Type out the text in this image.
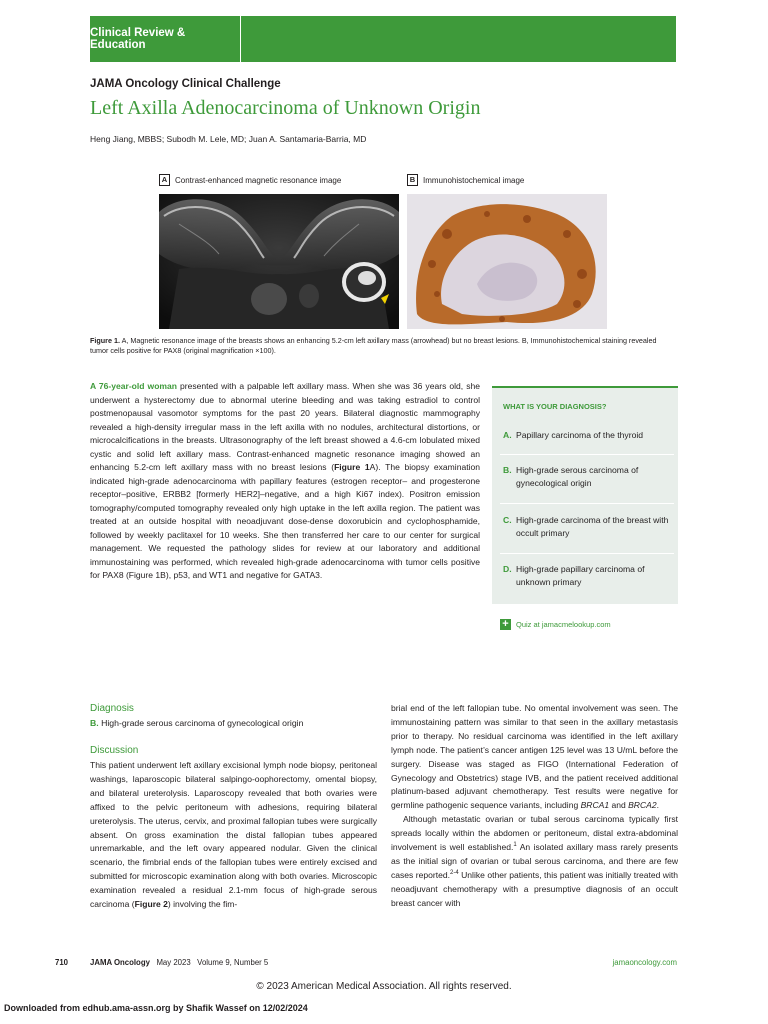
Clinical Review & Education
JAMA Oncology Clinical Challenge
Left Axilla Adenocarcinoma of Unknown Origin
Heng Jiang, MBBS; Subodh M. Lele, MD; Juan A. Santamaria-Barria, MD
A Contrast-enhanced magnetic resonance image	B Immunohistochemical image
Figure 1. A, Magnetic resonance image of the breasts shows an enhancing 5.2-cm left axillary mass (arrowhead) but no breast lesions. B, Immunohistochemical staining revealed tumor cells positive for PAX8 (original magnification ×100).
A 76-year-old woman presented with a palpable left axillary mass. When she was 36 years old, she underwent a hysterectomy due to abnormal uterine bleeding and was taking estradiol to control postmenopausal vasomotor symptoms for the past 20 years. Bilateral diagnostic mammography revealed a high-density irregular mass in the left axilla with no nodules, architectural distortions, or microcalcifications in the breasts. Ultrasonography of the left breast showed a 4.6-cm lobulated mixed cystic and solid left axillary mass. Contrast-enhanced magnetic resonance imaging showed an enhancing 5.2-cm left axillary mass with no breast lesions (Figure 1A). The biopsy examination indicated high-grade adenocarcinoma with papillary features (estrogen receptor– and progesterone receptor–positive, ERBB2 [formerly HER2]–negative, and a high Ki67 index). Positron emission tomography/computed tomography revealed only high uptake in the left axilla region. The patient was treated at an outside hospital with neoadjuvant dose-dense doxorubicin and cyclophosphamide, followed by weekly paclitaxel for 10 weeks. She then transferred her care to our center for surgical management. We requested the pathology slides for review at our laboratory and additional immunostaining was performed, which revealed high-grade adenocarcinoma with tumor cells positive for PAX8 (Figure 1B), p53, and WT1 and negative for GATA3.
WHAT IS YOUR DIAGNOSIS?
A. Papillary carcinoma of the thyroid
B. High-grade serous carcinoma of gynecological origin
C. High-grade carcinoma of the breast with occult primary
D. High-grade papillary carcinoma of unknown primary
+ Quiz at jamacmelookup.com
Diagnosis

B. High-grade serous carcinoma of gynecological origin

Discussion

This patient underwent left axillary excisional lymph node biopsy, peritoneal washings, laparoscopic bilateral salpingo-oophorectomy, omental biopsy, and bilateral ureterolysis. Laparoscopy revealed that both ovaries were affixed to the pelvic peritoneum with adhesions, requiring bilateral ureterolysis. The uterus, cervix, and proximal fallopian tubes were surgically absent. On gross examination the distal fallopian tubes appeared unremarkable, and the left ovary appeared nodular. Given the clinical scenario, the fimbrial ends of the fallopian tubes were entirely excised and submitted for microscopic examination along with both ovaries. Microscopic examination revealed a residual 2.1-mm focus of high-grade serous carcinoma (Figure 2) involving the fim-

brial end of the left fallopian tube. No omental involvement was seen. The immunostaining pattern was similar to that seen in the axillary metastasis prior to therapy. No residual carcinoma was identified in the left axillary lymph node. The patient’s cancer antigen 125 level was 13 U/mL before the surgery. Disease was staged as FIGO (International Federation of Gynecology and Obstetrics) stage IVB, and the patient received additional platinum-based adjuvant chemotherapy. Test results were negative for germline pathogenic sequence variants, including BRCA1 and BRCA2.

Although metastatic ovarian or tubal serous carcinoma typically first spreads locally within the abdomen or peritoneum, distal extra-abdominal involvement is well established.$^1$ An isolated axillary mass rarely presents as the initial sign of ovarian or tubal serous carcinoma, and there are few cases reported.$^{2-4}$ Unlike other patients, this patient was initially treated with neoadjuvant chemotherapy with a presumptive diagnosis of an occult breast cancer with

710	JAMA Oncology May 2023   Volume 9, Number 5	jamaoncology.com
© 2023 American Medical Association. All rights reserved.
Downloaded from edhub.ama-assn.org by Shafik Wassef on 12/02/2024
